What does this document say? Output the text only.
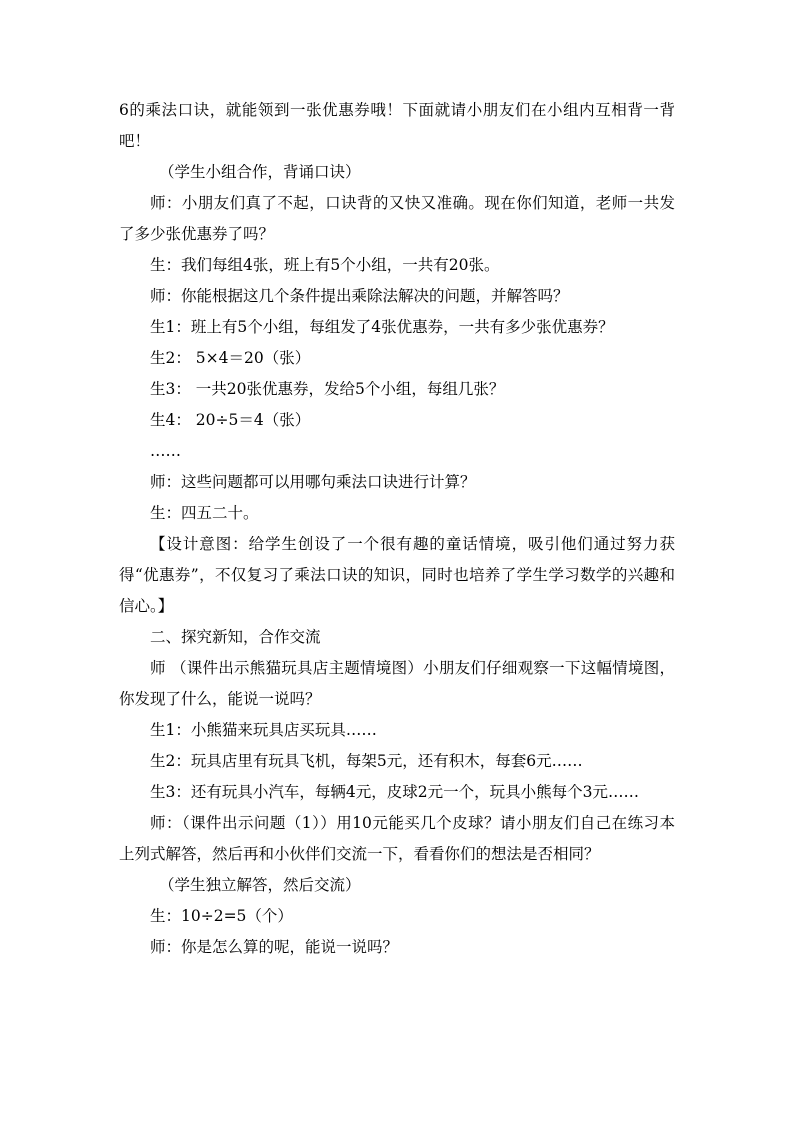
6的乘法口诀，就能领到一张优惠券哦！下面就请小朋友们在小组内互相背一背吧！

（学生小组合作，背诵口诀）

师：小朋友们真了不起，口诀背的又快又准确。现在你们知道，老师一共发了多少张优惠券了吗？

生：我们每组4张，班上有5个小组，一共有20张。

师：你能根据这几个条件提出乘除法解决的问题，并解答吗？

生1：班上有5个小组，每组发了4张优惠券，一共有多少张优惠券？

生2： 5×4＝20（张）

生3： 一共20张优惠券，发给5个小组，每组几张？

生4： 20÷5＝4（张）

……

师：这些问题都可以用哪句乘法口诀进行计算？

生：四五二十。

【设计意图：给学生创设了一个很有趣的童话情境，吸引他们通过努力获得“优惠券”，不仅复习了乘法口诀的知识，同时也培养了学生学习数学的兴趣和信心。】

二、探究新知，合作交流

师 （课件出示熊猫玩具店主题情境图）小朋友们仔细观察一下这幅情境图，你发现了什么，能说一说吗？

生1：小熊猫来玩具店买玩具……

生2：玩具店里有玩具飞机，每架5元，还有积木，每套6元……

生3：还有玩具小汽车，每辆4元，皮球2元一个，玩具小熊每个3元……

师：（课件出示问题（1））用10元能买几个皮球？请小朋友们自己在练习本上列式解答，然后再和小伙伴们交流一下，看看你们的想法是否相同？

（学生独立解答，然后交流）

生：10÷2=5（个）

师：你是怎么算的呢，能说一说吗？
